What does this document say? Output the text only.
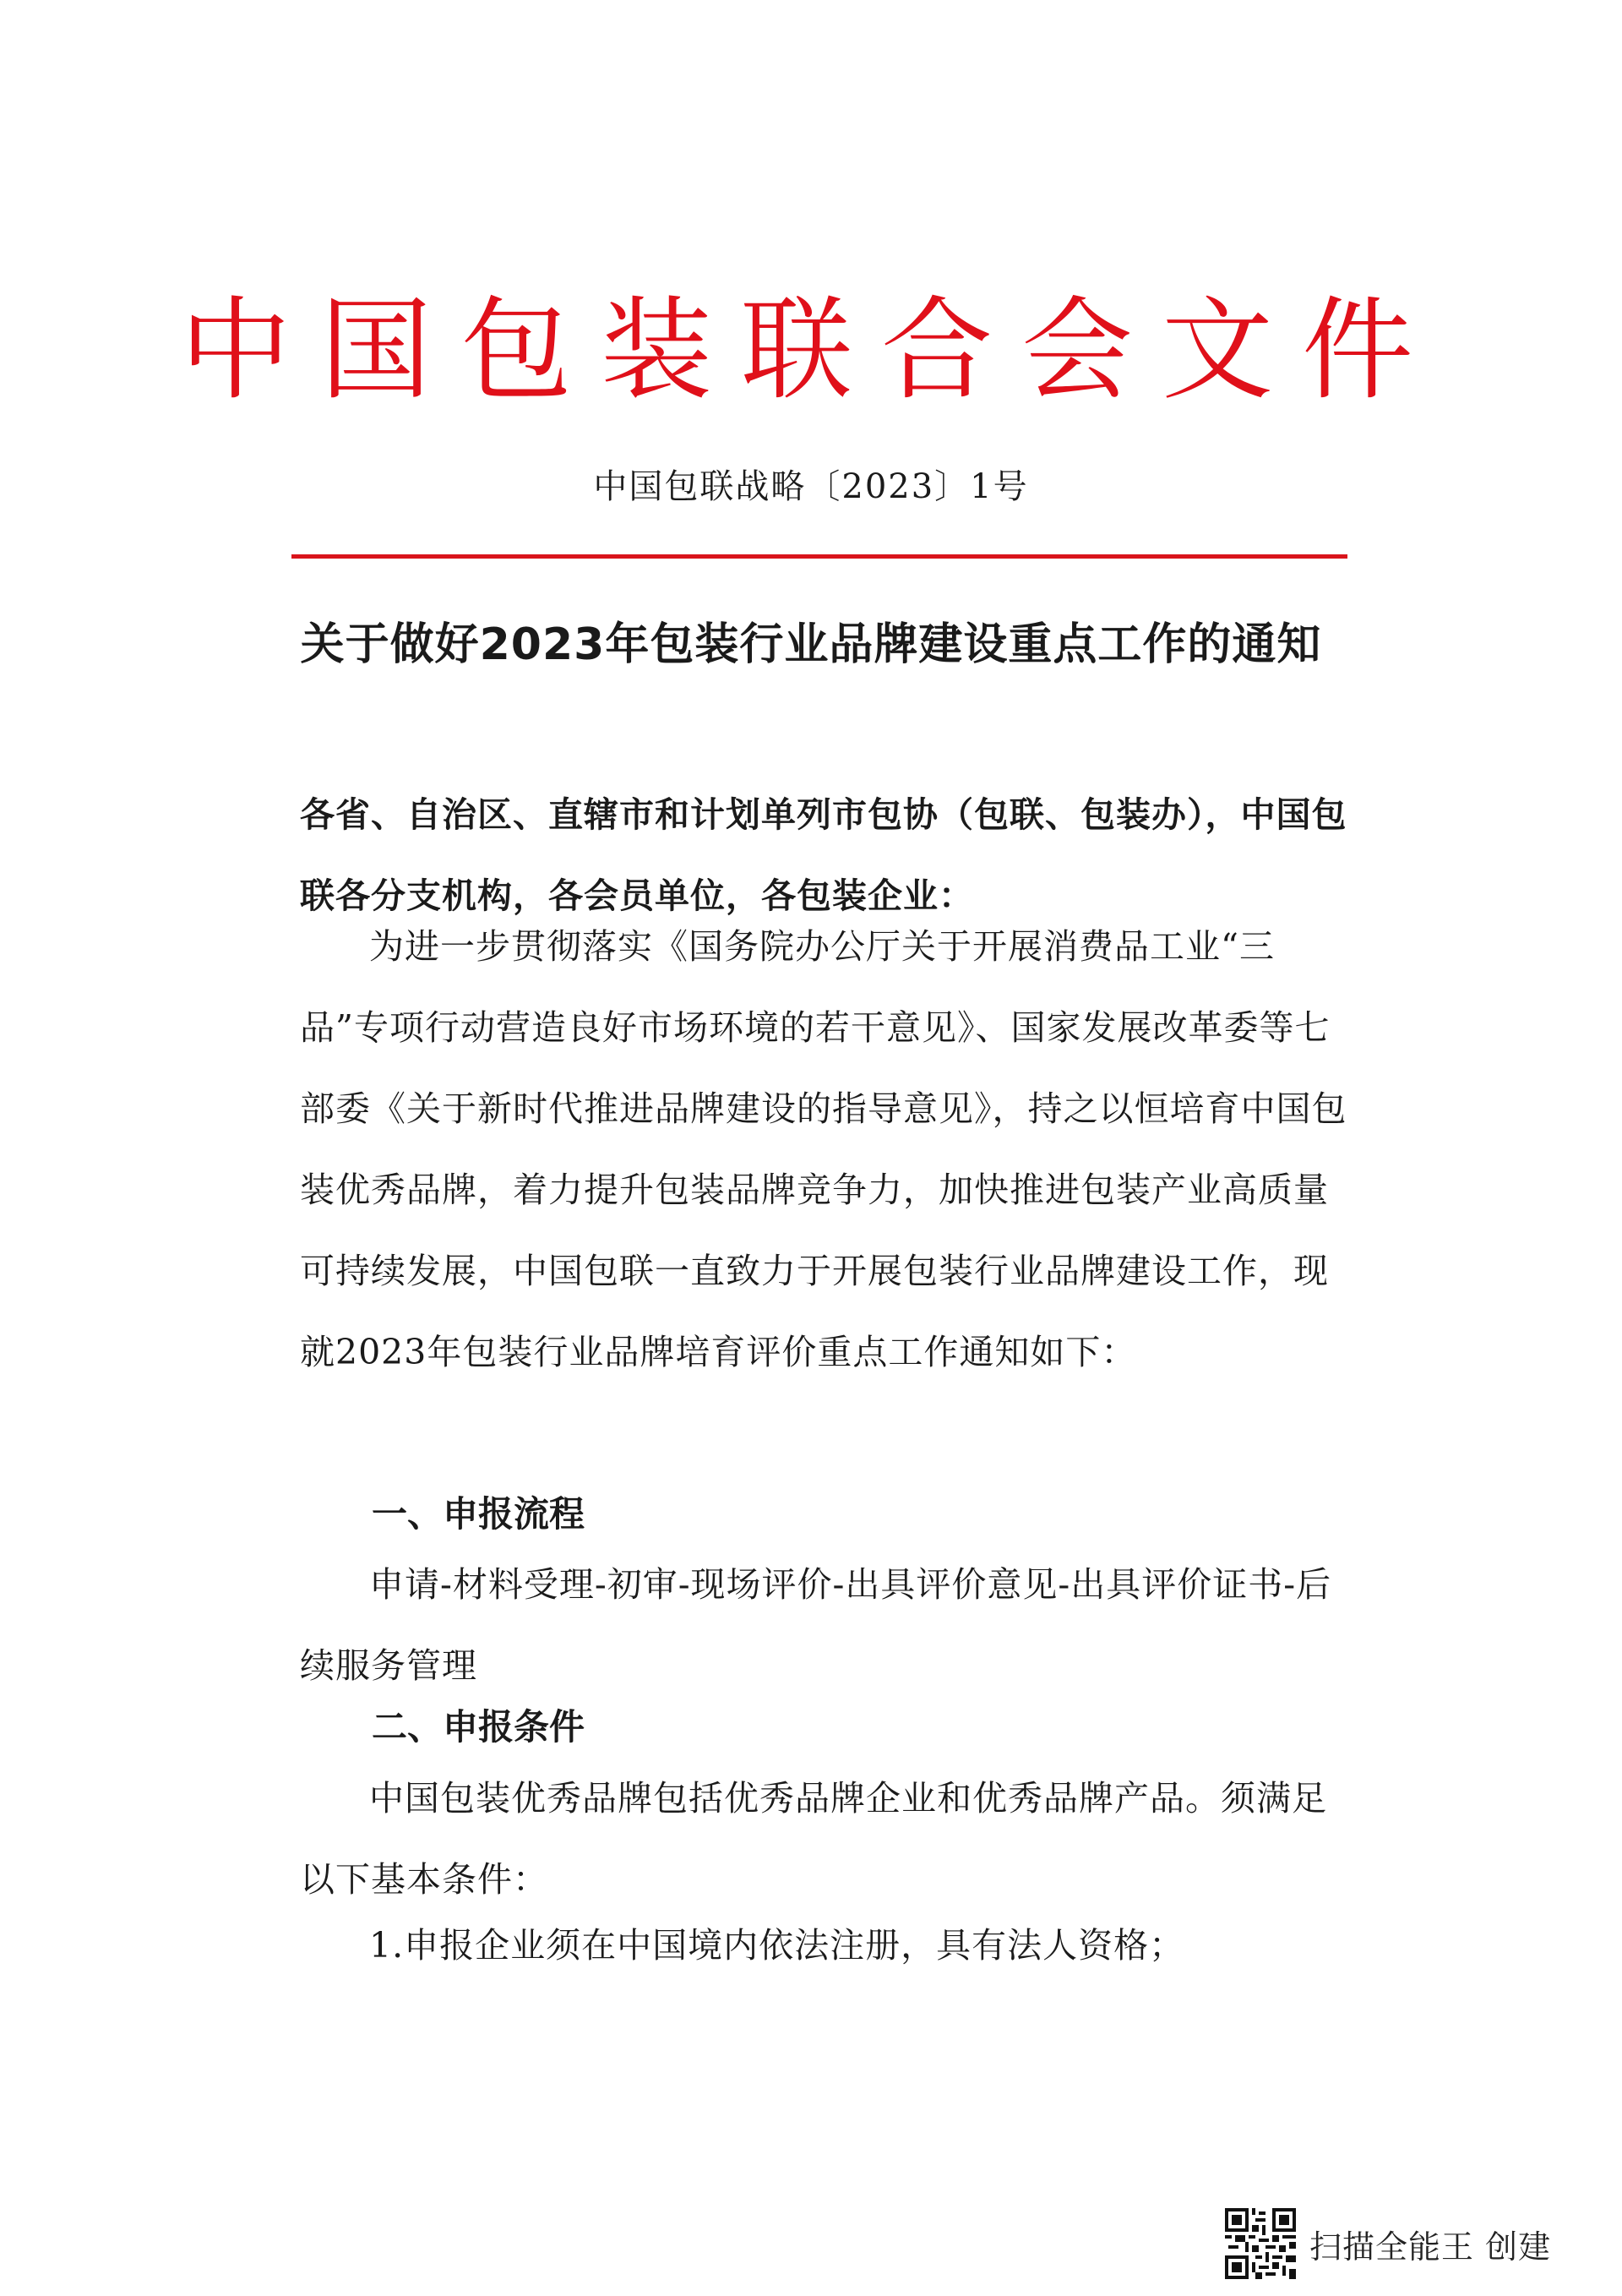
中国包装联合会文件
中国包联战略〔2023〕1号
关于做好2023年包装行业品牌建设重点工作的通知
各省、自治区、直辖市和计划单列市包协（包联、包装办），中国包联各分支机构，各会员单位，各包装企业：
为进一步贯彻落实《国务院办公厅关于开展消费品工业“三品”专项行动营造良好市场环境的若干意见》、国家发展改革委等七部委《关于新时代推进品牌建设的指导意见》，持之以恒培育中国包装优秀品牌，着力提升包装品牌竞争力，加快推进包装产业高质量可持续发展，中国包联一直致力于开展包装行业品牌建设工作，现就2023年包装行业品牌培育评价重点工作通知如下：
一、申报流程
申请-材料受理-初审-现场评价-出具评价意见-出具评价证书-后续服务管理
二、申报条件
中国包装优秀品牌包括优秀品牌企业和优秀品牌产品。须满足以下基本条件：
1.申报企业须在中国境内依法注册，具有法人资格；
扫描全能王 创建
